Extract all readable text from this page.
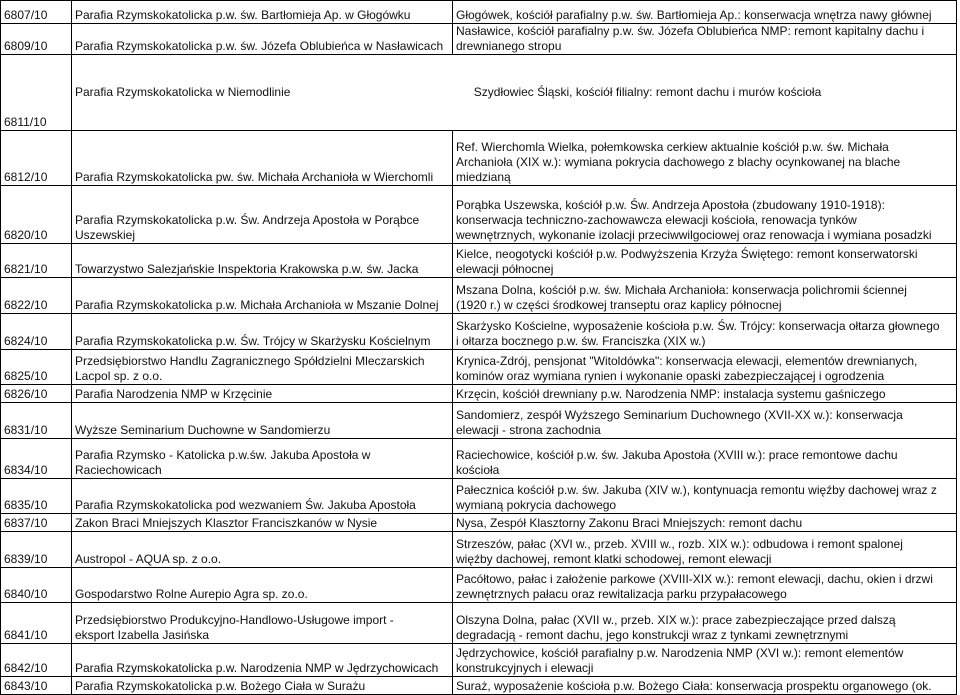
6807/10	Parafia Rzymskokatolicka p.w. św. Bartłomieja Ap. w Głogówku	Głogówek, kościół parafialny p.w. św. Bartłomieja Ap.: konserwacja wnętrza nawy głównej

6809/10	Parafia Rzymskokatolicka p.w. św. Józefa Oblubieńca w Nasławicach	Nasławice, kościół parafialny p.w. św. Józefa Oblubieńca NMP: remont kapitalny dachu i
drewnianego stropu

6811/10	Parafia Rzymskokatolicka w Niemodlinie                                                       Szydłowiec Śląski, kościół filialny: remont dachu i murów kościoła	

6812/10	Parafia Rzymskokatolicka pw. św. Michała Archanioła w Wierchomli	Ref. Wierchomla Wielka, połemkowska cerkiew aktualnie kościół p.w. św. Michała
Archanioła (XIX w.): wymiana pokrycia dachowego z blachy ocynkowanej na blache
miedzianą

6820/10	Parafia Rzymskokatolicka p.w. Św. Andrzeja Apostoła w Porąbce
Uszewskiej	Porąbka Uszewska, kościół p.w. Św. Andrzeja Apostoła (zbudowany 1910-1918):
konserwacja techniczno-zachowawcza elewacji kościoła, renowacja tynków
wewnętrznych, wykonanie izolacji przeciwwilgociowej oraz renowacja i wymiana posadzki

6821/10	Towarzystwo Salezjańskie Inspektoria Krakowska p.w. św. Jacka	Kielce, neogotycki kościół p.w. Podwyższenia Krzyża Świętego: remont konserwatorski
elewacji północnej

6822/10	Parafia Rzymskokatolicka p.w. Michała Archanioła w Mszanie Dolnej	Mszana Dolna, kościół p.w. św. Michała Archanioła: konserwacja polichromii ściennej
(1920 r.) w części środkowej transeptu oraz kaplicy północnej

6824/10	Parafia Rzymskokatolicka p.w. Św. Trójcy w Skarżysku Kościelnym	Skarżysko Kościelne, wyposażenie kościoła p.w. Św. Trójcy: konserwacja ołtarza głownego
i ołtarza bocznego p.w. św. Franciszka (XIX w.)

6825/10	Przedsiębiorstwo Handlu Zagranicznego Spółdzielni Mleczarskich
Lacpol sp. z o.o.	Krynica-Zdrój, pensjonat "Witoldówka": konserwacja elewacji, elementów drewnianych,
kominów oraz wymiana rynien i wykonanie opaski zabezpieczającej i ogrodzenia

6826/10	Parafia Narodzenia NMP w Krzęcinie	Krzęcin, kościół drewniany p.w. Narodzenia NMP: instalacja systemu gaśniczego

6831/10	Wyższe Seminarium Duchowne w Sandomierzu	Sandomierz, zespół Wyższego Seminarium Duchownego (XVII-XX w.): konserwacja
elewacji - strona zachodnia

6834/10	Parafia Rzymsko - Katolicka p.w.św. Jakuba Apostoła w
Raciechowicach	Raciechowice, kościół p.w. św. Jakuba Apostoła (XVIII w.): prace remontowe dachu
kościoła

6835/10	Parafia Rzymskokatolicka pod wezwaniem Św. Jakuba Apostoła	Pałecznica kościół p.w. św. Jakuba (XIV w.), kontynuacja remontu więźby dachowej wraz z
wymianą pokrycia dachowego

6837/10	Zakon Braci Mniejszych Klasztor Franciszkanów w Nysie	Nysa, Zespół Klasztorny Zakonu Braci Mniejszych: remont dachu

6839/10	Austropol - AQUA sp. z o.o.	Strzeszów, pałac (XVI w., przeb. XVIII w., rozb. XIX w.): odbudowa i remont spalonej
więźby dachowej, remont klatki schodowej, remont elewacji

6840/10	Gospodarstwo Rolne Aurepio Agra sp. zo.o.	Pacółtowo, pałac i założenie parkowe (XVIII-XIX w.): remont elewacji, dachu, okien i drzwi
zewnętrznych pałacu oraz rewitalizacja parku przypałacowego

6841/10	Przedsiębiorstwo Produkcyjno-Handlowo-Usługowe import -
eksport Izabella Jasińska	Olszyna Dolna, pałac (XVII w., przeb. XIX w.): prace zabezpieczające przed dalszą
degradacją - remont dachu, jego konstrukcji wraz z tynkami zewnętrznymi

6842/10	Parafia Rzymskokatolicka p.w. Narodzenia NMP w Jędrzychowicach	Jędrzychowice, kościół parafialny p.w. Narodzenia NMP (XVI w.): remont elementów
konstrukcyjnych i elewacji

6843/10	Parafia Rzymskokatolicka p.w. Bożego Ciała w Surażu	Suraż, wyposażenie kościoła p.w. Bożego Ciała: konserwacja prospektu organowego (ok.
